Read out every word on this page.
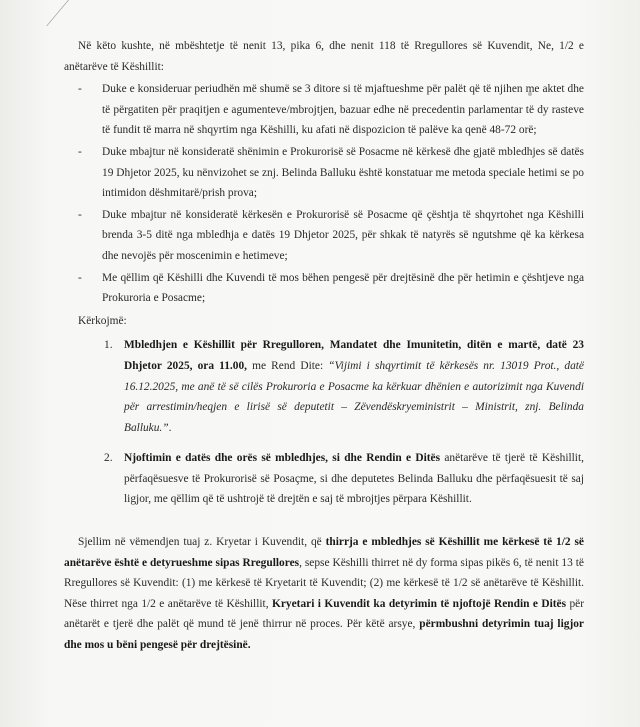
Në këto kushte, në mbështetje të nenit 13, pika 6, dhe nenit 118 të Rregullores së Kuvendit, Ne, 1/2 e anëtarëve të Këshillit:

- Duke e konsideruar periudhën më shumë se 3 ditore si të mjaftueshme për palët që të njihen me aktet dhe të përgatiten për praqitjen e agumenteve/mbrojtjen, bazuar edhe në precedentin parlamentar të dy rasteve të fundit të marra në shqyrtim nga Këshilli, ku afati në dispozicion të palëve ka qenë 48-72 orë;
- Duke mbajtur në konsideratë shënimin e Prokurorisë së Posacme në kërkesë dhe gjatë mbledhjes së datës 19 Dhjetor 2025, ku nënvizohet se znj. Belinda Balluku është konstatuar me metoda speciale hetimi se po intimidon dëshmitarë/prish prova;
- Duke mbajtur në konsideratë kërkesën e Prokurorisë së Posacme që çështja të shqyrtohet nga Këshilli brenda 3-5 ditë nga mbledhja e datës 19 Dhjetor 2025, për shkak të natyrës së ngutshme që ka kërkesa dhe nevojës për moscenimin e hetimeve;
- Me qëllim që Këshilli dhe Kuvendi të mos bëhen pengesë për drejtësinë dhe për hetimin e çështjeve nga Prokuroria e Posacme;

Kërkojmë:

1. Mbledhjen e Këshillit për Rregulloren, Mandatet dhe Imunitetin, ditën e martë, datë 23 Dhjetor 2025, ora 11.00, me Rend Dite: “Vijimi i shqyrtimit të kërkesës nr. 13019 Prot., datë 16.12.2025, me anë të së cilës Prokuroria e Posacme ka kërkuar dhënien e autorizimit nga Kuvendi për arrestimin/heqjen e lirisë së deputetit – Zëvendëskryeministrit – Ministrit, znj. Belinda Balluku.”.
2. Njoftimin e datës dhe orës së mbledhjes, si dhe Rendin e Ditës anëtarëve të tjerë të Këshillit, përfaqësuesve të Prokurorisë së Posaçme, si dhe deputetes Belinda Balluku dhe përfaqësuesit të saj ligjor, me qëllim që të ushtrojë të drejtën e saj të mbrojtjes përpara Këshillit.

Sjellim në vëmendjen tuaj z. Kryetar i Kuvendit, që thirrja e mbledhjes së Këshillit me kërkesë të 1/2 së anëtarëve është e detyrueshme sipas Rregullores, sepse Këshilli thirret në dy forma sipas pikës 6, të nenit 13 të Rregullores së Kuvendit: (1) me kërkesë të Kryetarit të Kuvendit; (2) me kërkesë të 1/2 së anëtarëve të Këshillit. Nëse thirret nga 1/2 e anëtarëve të Këshillit, Kryetari i Kuvendit ka detyrimin të njoftojë Rendin e Ditës për anëtarët e tjerë dhe palët që mund të jenë thirrur në proces. Për këtë arsye, përmbushni detyrimin tuaj ligjor dhe mos u bëni pengesë për drejtësinë.
